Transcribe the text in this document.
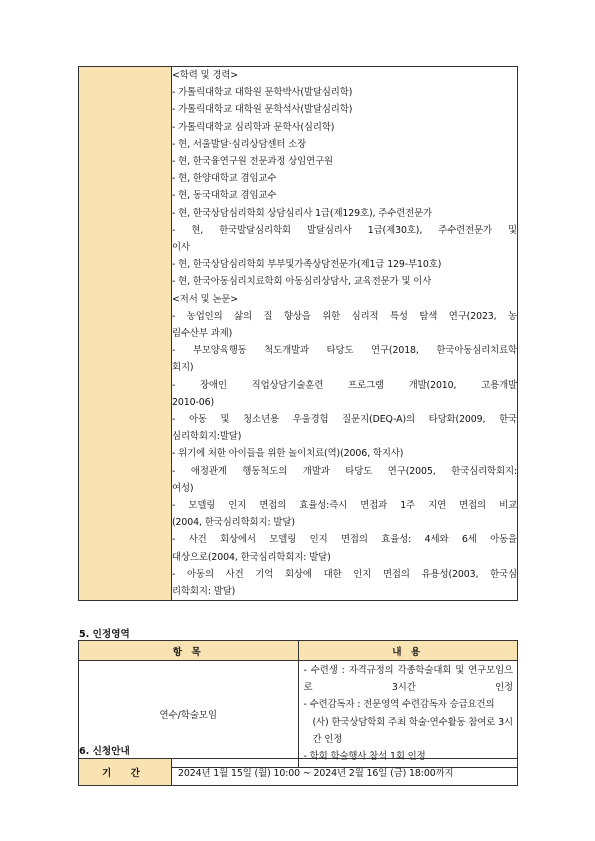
<학력 및 경력>
- 가톨릭대학교 대학원 문학박사(발달심리학)
- 가톨릭대학교 대학원 문학석사(발달심리학)
- 가톨릭대학교 심리학과 문학사(심리학)
- 현, 서울발달·심리상담센터 소장
- 현, 한국융연구원 전문과정 상임연구원
- 현, 한양대학교 겸임교수
- 현, 동국대학교 겸임교수
- 현, 한국상담심리학회 상담심리사 1급(제129호), 주수련전문가
- 현, 한국발달심리학회 발달심리사 1급(제30호), 주수련전문가 및
이사
- 현, 한국상담심리학회 부부및가족상담전문가(제1급 129-부10호)
- 현, 한국아동심리치료학회 아동심리상담사, 교육전문가 및 이사
<저서 및 논문>
- 농업인의 삶의 질 향상을 위한 심리적 특성 탐색 연구(2023, 농
림수산부 과제)
- 부모양육행동 척도개발과 타당도 연구(2018, 한국아동심리치료학
회지)
- 장애인 직업상담기술훈련 프로그램 개발(2010, 고용개발
2010-06)
- 아동 및 청소년용 우울경험 질문지(DEQ-A)의 타당화(2009, 한국
심리학회지:발달)
- 위기에 처한 아이들을 위한 놀이치료(역)(2006, 학지사)
- 애정관계 행동척도의 개발과 타당도 연구(2005, 한국심리학회지:
여성)
- 모델링 인지 면접의 효율성:즉시 면접과 1주 지연 면접의 비교
(2004, 한국심리학회지: 발달)
- 사건 회상에서 모델링 인지 면접의 효율성: 4세와 6세 아동을
대상으로(2004, 한국심리학회지: 발달)
- 아동의 사건 기억 회상에 대한 인지 면접의 유용성(2003, 한국심
리학회지: 발달)
5. 인정영역
항 목	내 용
연수/학술모임	- 수련생 : 자격규정의 각종학술대회 및 연구모임으로 3시간 인정
- 수련감독자 : 전문영역 수련감독자 승급요건의
(사) 한국상담학회 주최 학술·연수활동 참여로 3시간 인정
- 학회 학술행사 참석 1회 인정
6. 신청안내
기 간	2024년 1월 15일 (월) 10:00 ~ 2024년 2월 16일 (금) 18:00까지
